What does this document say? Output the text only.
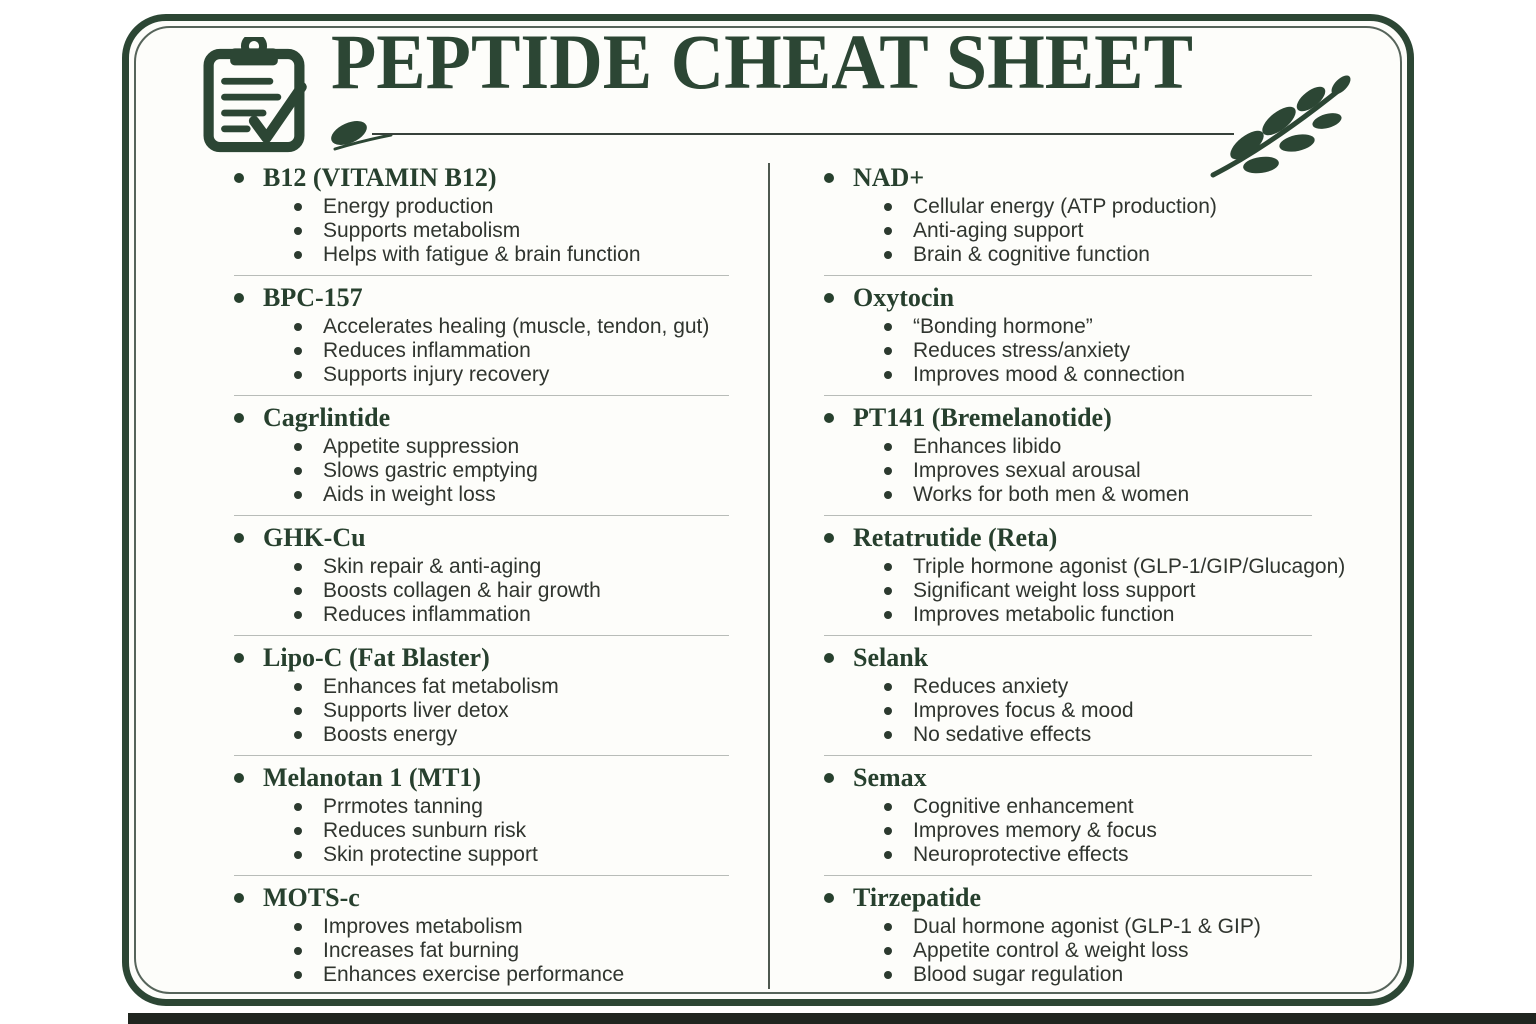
PEPTIDE CHEAT SHEET
B12 (VITAMIN B12)
Energy production
Supports metabolism
Helps with fatigue & brain function
BPC-157
Accelerates healing (muscle, tendon, gut)
Reduces inflammation
Supports injury recovery
Cagrlintide
Appetite suppression
Slows gastric emptying
Aids in weight loss
GHK-Cu
Skin repair & anti-aging
Boosts collagen & hair growth
Reduces inflammation
Lipo-C (Fat Blaster)
Enhances fat metabolism
Supports liver detox
Boosts energy
Melanotan 1 (MT1)
Prrmotes tanning
Reduces sunburn risk
Skin protectine support
MOTS-c
Improves metabolism
Increases fat burning
Enhances exercise performance
NAD+
Cellular energy (ATP production)
Anti-aging support
Brain & cognitive function
Oxytocin
“Bonding hormone”
Reduces stress/anxiety
Improves mood & connection
PT141 (Bremelanotide)
Enhances libido
Improves sexual arousal
Works for both men & women
Retatrutide (Reta)
Triple hormone agonist (GLP-1/GIP/Glucagon)
Significant weight loss support
Improves metabolic function
Selank
Reduces anxiety
Improves focus & mood
No sedative effects
Semax
Cognitive enhancement
Improves memory & focus
Neuroprotective effects
Tirzepatide
Dual hormone agonist (GLP-1 & GIP)
Appetite control & weight loss
Blood sugar regulation
